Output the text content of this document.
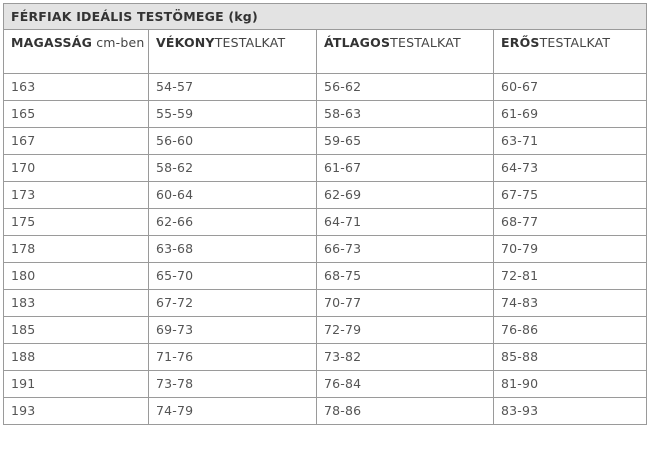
FÉRFIAK IDEÁLIS TESTÖMEGE (kg)			
MAGASSÁG cm-ben	VÉKONYTESTALKAT	ÁTLAGOSTESTALKAT	ERŐSTESTALKAT
163	54-57	56-62	60-67
165	55-59	58-63	61-69
167	56-60	59-65	63-71
170	58-62	61-67	64-73
173	60-64	62-69	67-75
175	62-66	64-71	68-77
178	63-68	66-73	70-79
180	65-70	68-75	72-81
183	67-72	70-77	74-83
185	69-73	72-79	76-86
188	71-76	73-82	85-88
191	73-78	76-84	81-90
193	74-79	78-86	83-93
